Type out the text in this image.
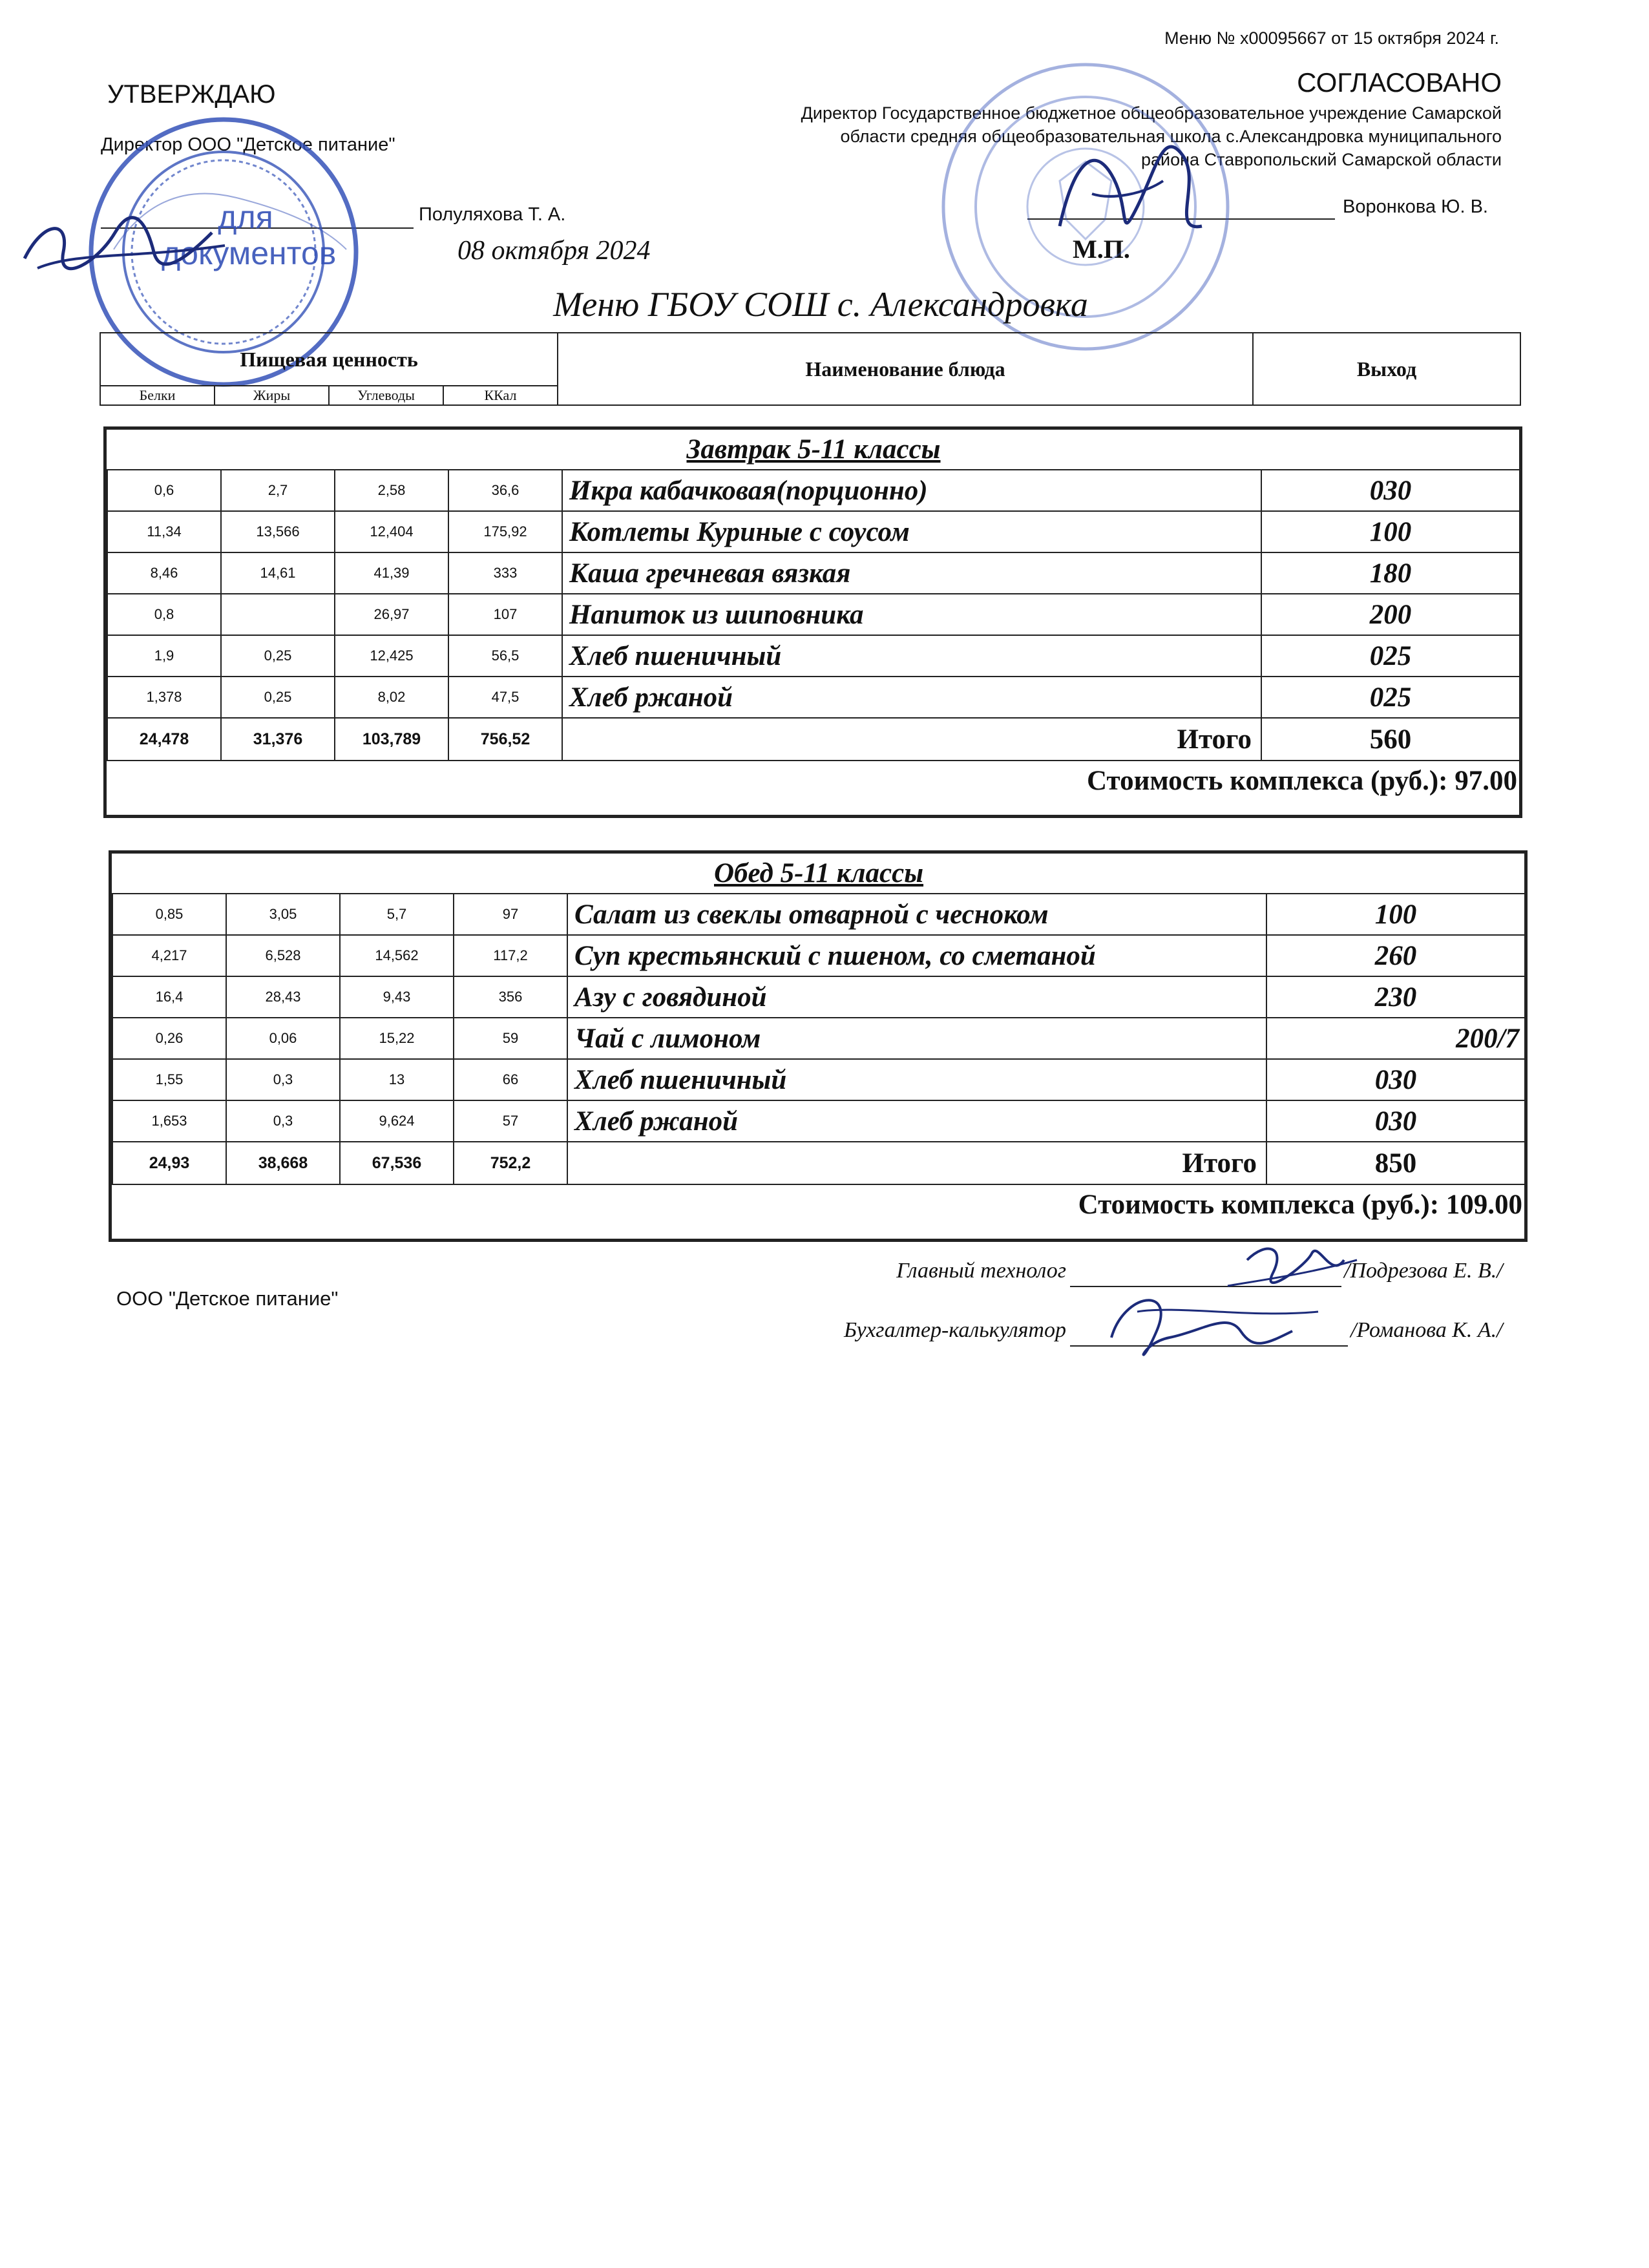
Меню № х00095667 от 15 октября 2024 г.
УТВЕРЖДАЮ
Директор ООО "Детское питание"
Полуляхова Т. А.
08 октября 2024
СОГЛАСОВАНО
Директор Государственное бюджетное общеобразовательное учреждение Самарской
области средняя общеобразовательная школа с.Александровка муниципального
района Ставропольский Самарской области
Воронкова Ю. В.
М.П.
для документов
Меню ГБОУ СОШ с. Александровка
Пищевая ценность				Наименование блюда	Выход
Белки	Жиры	Углеводы	ККал		
Завтрак 5-11 классы					
0,6	2,7	2,58	36,6	Икра кабачковая(порционно)	030
11,34	13,566	12,404	175,92	Котлеты Куриные с соусом	100
8,46	14,61	41,39	333	Каша гречневая вязкая	180
0,8		26,97	107	Напиток из шиповника	200
1,9	0,25	12,425	56,5	Хлеб пшеничный	025
1,378	0,25	8,02	47,5	Хлеб ржаной	025
24,478	31,376	103,789	756,52	Итого	560
Стоимость комплекса (руб.): 97.00					
Обед 5-11 классы					
0,85	3,05	5,7	97	Салат из свеклы отварной с чесноком	100
4,217	6,528	14,562	117,2	Суп крестьянский с пшеном, со сметаной	260
16,4	28,43	9,43	356	Азу с говядиной	230
0,26	0,06	15,22	59	Чай с лимоном	200/7
1,55	0,3	13	66	Хлеб пшеничный	030
1,653	0,3	9,624	57	Хлеб ржаной	030
24,93	38,668	67,536	752,2	Итого	850
Стоимость комплекса (руб.): 109.00					
ООО "Детское питание"
Главный технолог	/Подрезова Е. В./
Бухгалтер-калькулятор	/Романова К. А./
